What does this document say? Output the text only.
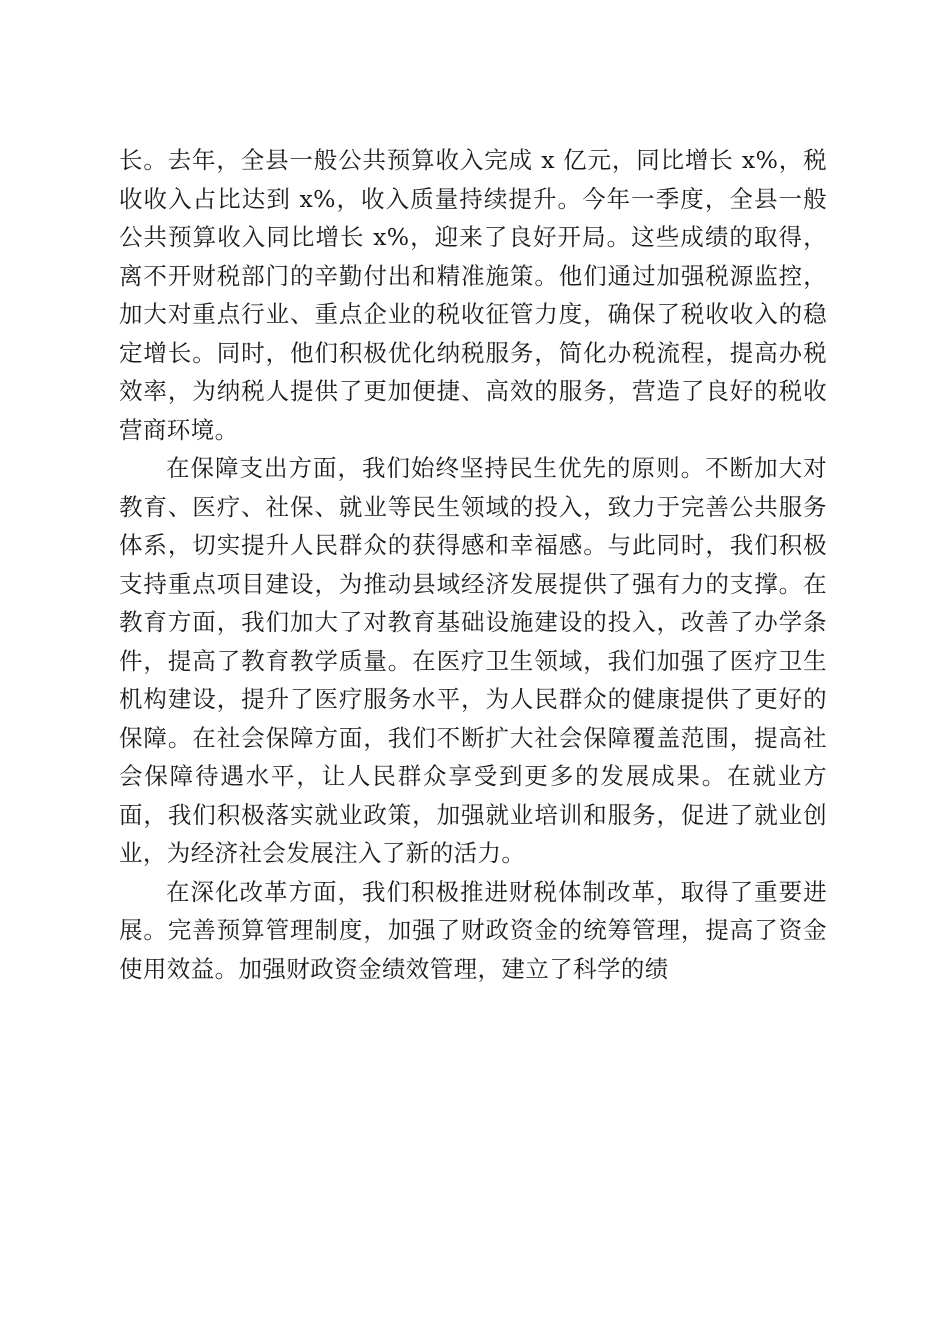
长。去年，全县一般公共预算收入完成 x 亿元，同比增长 x%，税收收入占比达到 x%，收入质量持续提升。今年一季度，全县一般公共预算收入同比增长 x%，迎来了良好开局。这些成绩的取得，离不开财税部门的辛勤付出和精准施策。他们通过加强税源监控，加大对重点行业、重点企业的税收征管力度，确保了税收收入的稳定增长。同时，他们积极优化纳税服务，简化办税流程，提高办税效率，为纳税人提供了更加便捷、高效的服务，营造了良好的税收营商环境。

在保障支出方面，我们始终坚持民生优先的原则。不断加大对教育、医疗、社保、就业等民生领域的投入，致力于完善公共服务体系，切实提升人民群众的获得感和幸福感。与此同时，我们积极支持重点项目建设，为推动县域经济发展提供了强有力的支撑。在教育方面，我们加大了对教育基础设施建设的投入，改善了办学条件，提高了教育教学质量。在医疗卫生领域，我们加强了医疗卫生机构建设，提升了医疗服务水平，为人民群众的健康提供了更好的保障。在社会保障方面，我们不断扩大社会保障覆盖范围，提高社会保障待遇水平，让人民群众享受到更多的发展成果。在就业方面，我们积极落实就业政策，加强就业培训和服务，促进了就业创业，为经济社会发展注入了新的活力。

在深化改革方面，我们积极推进财税体制改革，取得了重要进展。完善预算管理制度，加强了财政资金的统筹管理，提高了资金使用效益。加强财政资金绩效管理，建立了科学的绩
